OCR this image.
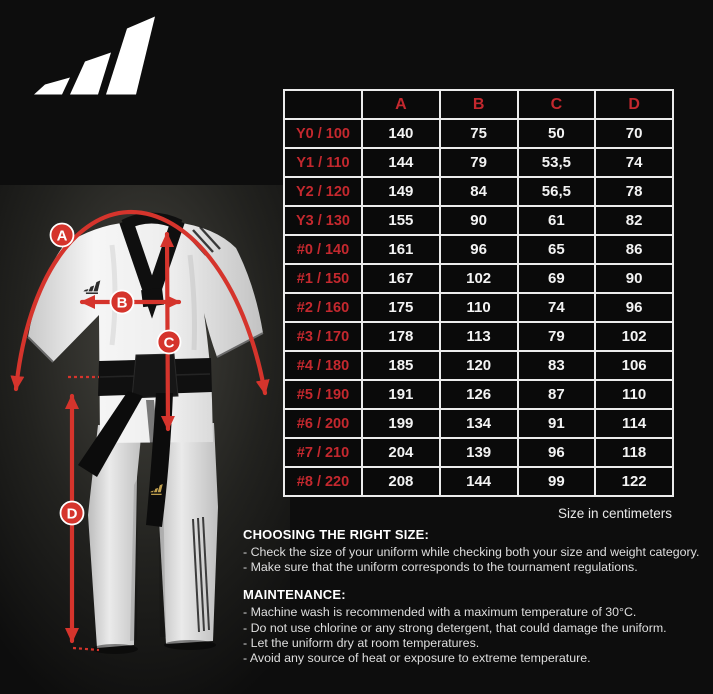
A
B
C
D
	A	B	C	D
Y0 / 100	140	75	50	70
Y1 / 110	144	79	53,5	74
Y2 / 120	149	84	56,5	78
Y3 / 130	155	90	61	82
#0 / 140	161	96	65	86
#1 / 150	167	102	69	90
#2 / 160	175	110	74	96
#3 / 170	178	113	79	102
#4 / 180	185	120	83	106
#5 / 190	191	126	87	110
#6 / 200	199	134	91	114
#7 / 210	204	139	96	118
#8 / 220	208	144	99	122
Size in centimeters
CHOOSING THE RIGHT SIZE:
- Check the size of your uniform while checking both your size and weight category.
- Make sure that the uniform corresponds to the tournament regulations.
MAINTENANCE:
- Machine wash is recommended with a maximum temperature of 30°C.
- Do not use chlorine or any strong detergent, that could damage the uniform.
- Let the uniform dry at room temperatures.
- Avoid any source of heat or exposure to extreme temperature.
